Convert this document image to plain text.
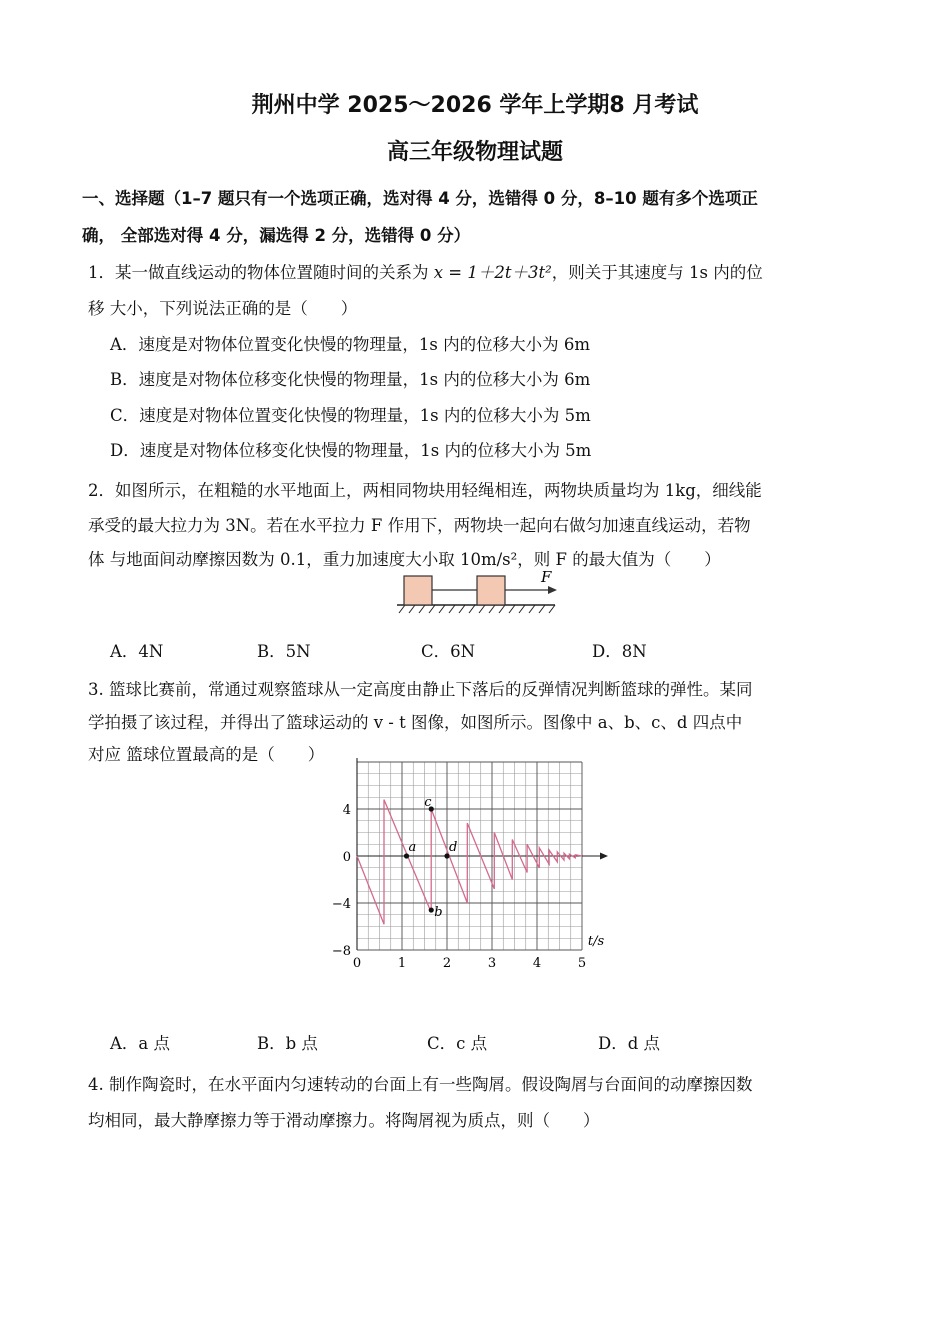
荆州中学 2025～2026 学年上学期8 月考试
高三年级物理试题
一、选择题（1–7 题只有一个选项正确，选对得 4 分，选错得 0 分，8–10 题有多个选项正
确， 全部选对得 4 分，漏选得 2 分，选错得 0 分）
1．某一做直线运动的物体位置随时间的关系为 x = 1＋2t＋3t²，则关于其速度与 1s 内的位
移 大小，下列说法正确的是（　　）
A．速度是对物体位置变化快慢的物理量，1s 内的位移大小为 6m
B．速度是对物体位移变化快慢的物理量，1s 内的位移大小为 6m
C．速度是对物体位置变化快慢的物理量，1s 内的位移大小为 5m
D．速度是对物体位移变化快慢的物理量，1s 内的位移大小为 5m
2．如图所示，在粗糙的水平地面上，两相同物块用轻绳相连，两物块质量均为 1kg，细线能
承受的最大拉力为 3N。若在水平拉力 F 作用下，两物块一起向右做匀加速直线运动，若物
体 与地面间动摩擦因数为 0.1，重力加速度大小取 10m/s²，则 F 的最大值为（　　）
F
A．4N	B．5N	C．6N	D．8N
3. 篮球比赛前，常通过观察篮球从一定高度由静止下落后的反弹情况判断篮球的弹性。某同
学拍摄了该过程，并得出了篮球运动的 v - t 图像，如图所示。图像中 a、b、c、d 四点中
对应 篮球位置最高的是（　　）
4
0
−4
−8
0	1	2	3	4	5
t/s
a
b
c
d
A．a 点	B．b 点	C．c 点	D．d 点
4. 制作陶瓷时，在水平面内匀速转动的台面上有一些陶屑。假设陶屑与台面间的动摩擦因数
均相同，最大静摩擦力等于滑动摩擦力。将陶屑视为质点，则（　　）
